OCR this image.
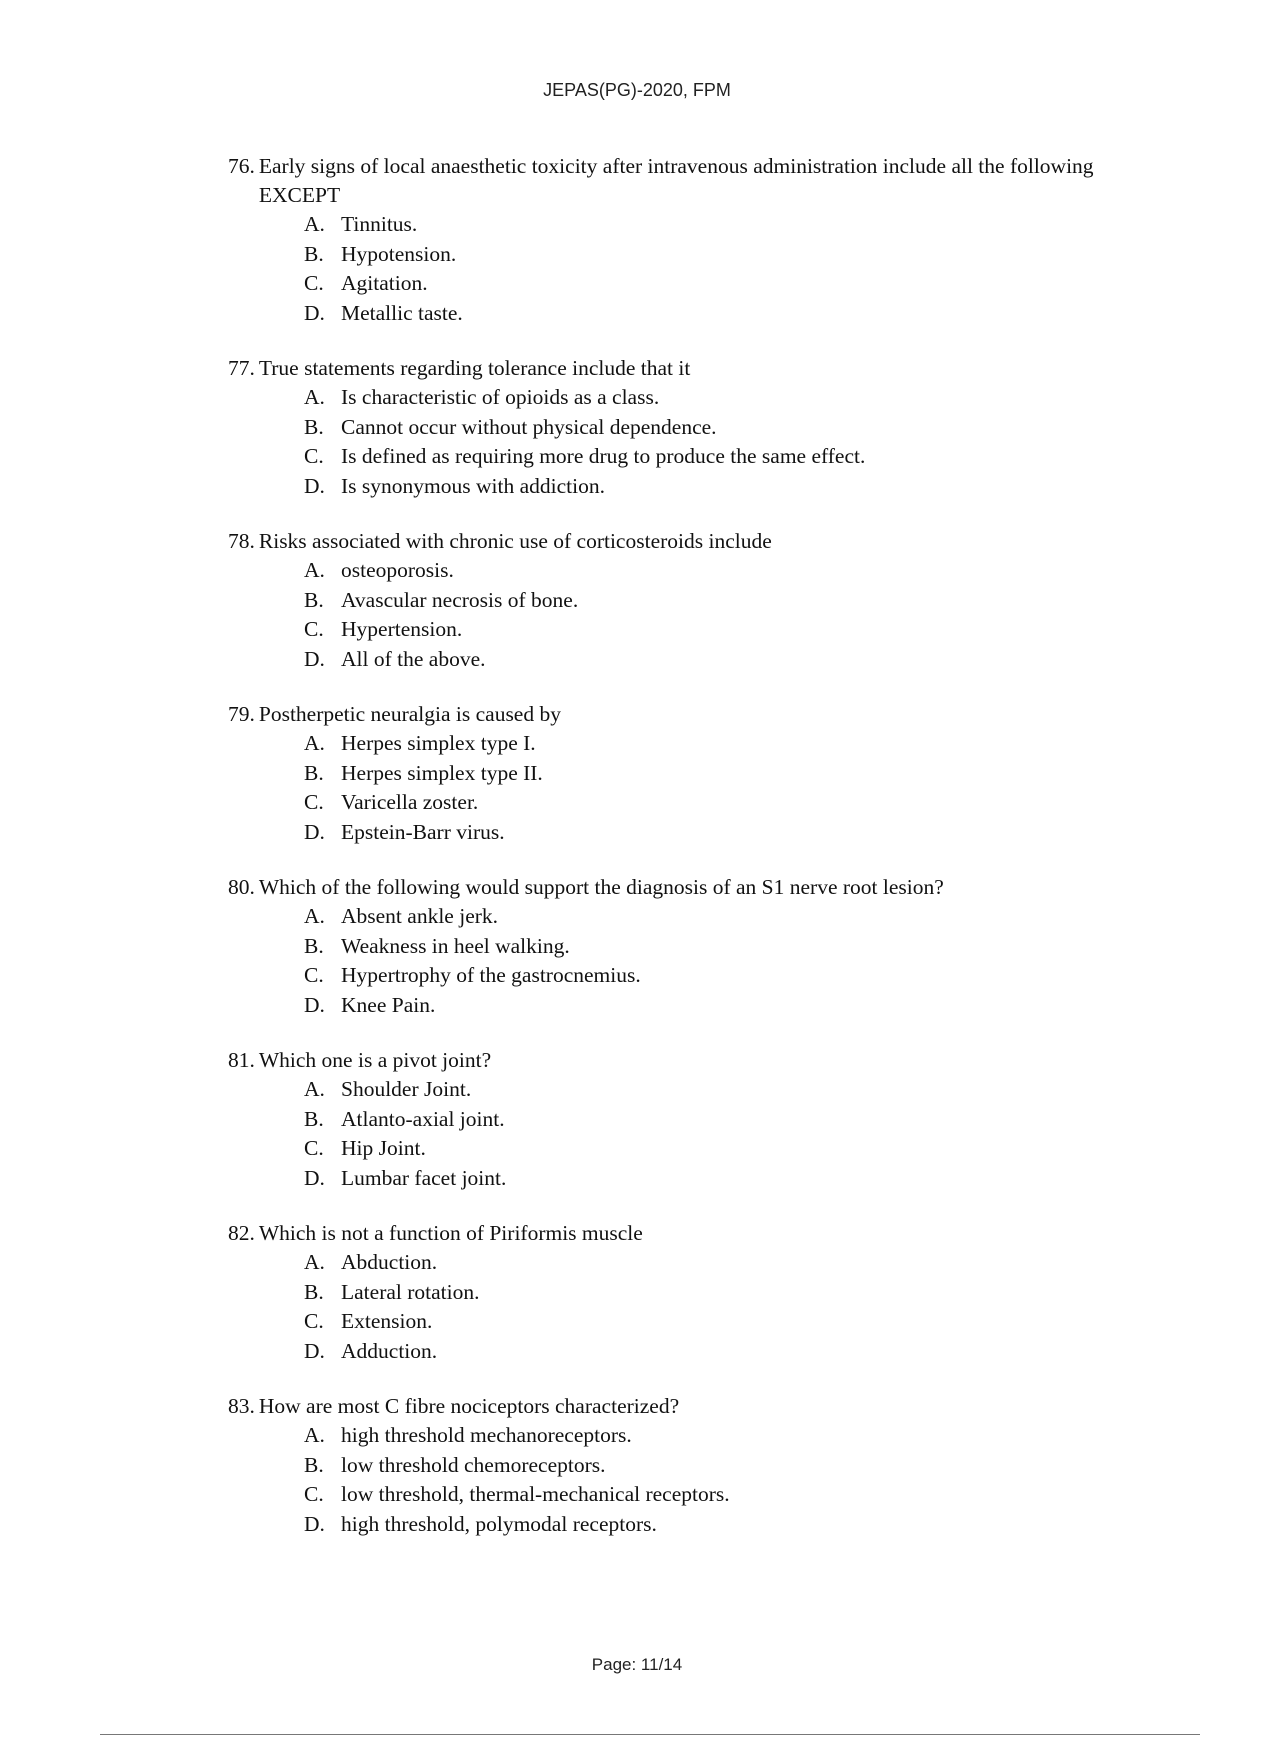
JEPAS(PG)-2020, FPM
76. Early signs of local anaesthetic toxicity after intravenous administration include all the following EXCEPT
A. Tinnitus.
B. Hypotension.
C. Agitation.
D. Metallic taste.
77. True statements regarding tolerance include that it
A. Is characteristic of opioids as a class.
B. Cannot occur without physical dependence.
C. Is defined as requiring more drug to produce the same effect.
D. Is synonymous with addiction.
78. Risks associated with chronic use of corticosteroids include
A. osteoporosis.
B. Avascular necrosis of bone.
C. Hypertension.
D. All of the above.
79. Postherpetic neuralgia is caused by
A. Herpes simplex type I.
B. Herpes simplex type II.
C. Varicella zoster.
D. Epstein-Barr virus.
80. Which of the following would support the diagnosis of an S1 nerve root lesion?
A. Absent ankle jerk.
B. Weakness in heel walking.
C. Hypertrophy of the gastrocnemius.
D. Knee Pain.
81. Which one is a pivot joint?
A. Shoulder Joint.
B. Atlanto-axial joint.
C. Hip Joint.
D. Lumbar facet joint.
82. Which is not a function of Piriformis muscle
A. Abduction.
B. Lateral rotation.
C. Extension.
D. Adduction.
83. How are most C fibre nociceptors characterized?
A. high threshold mechanoreceptors.
B. low threshold chemoreceptors.
C. low threshold, thermal-mechanical receptors.
D. high threshold, polymodal receptors.
Page: 11/14
